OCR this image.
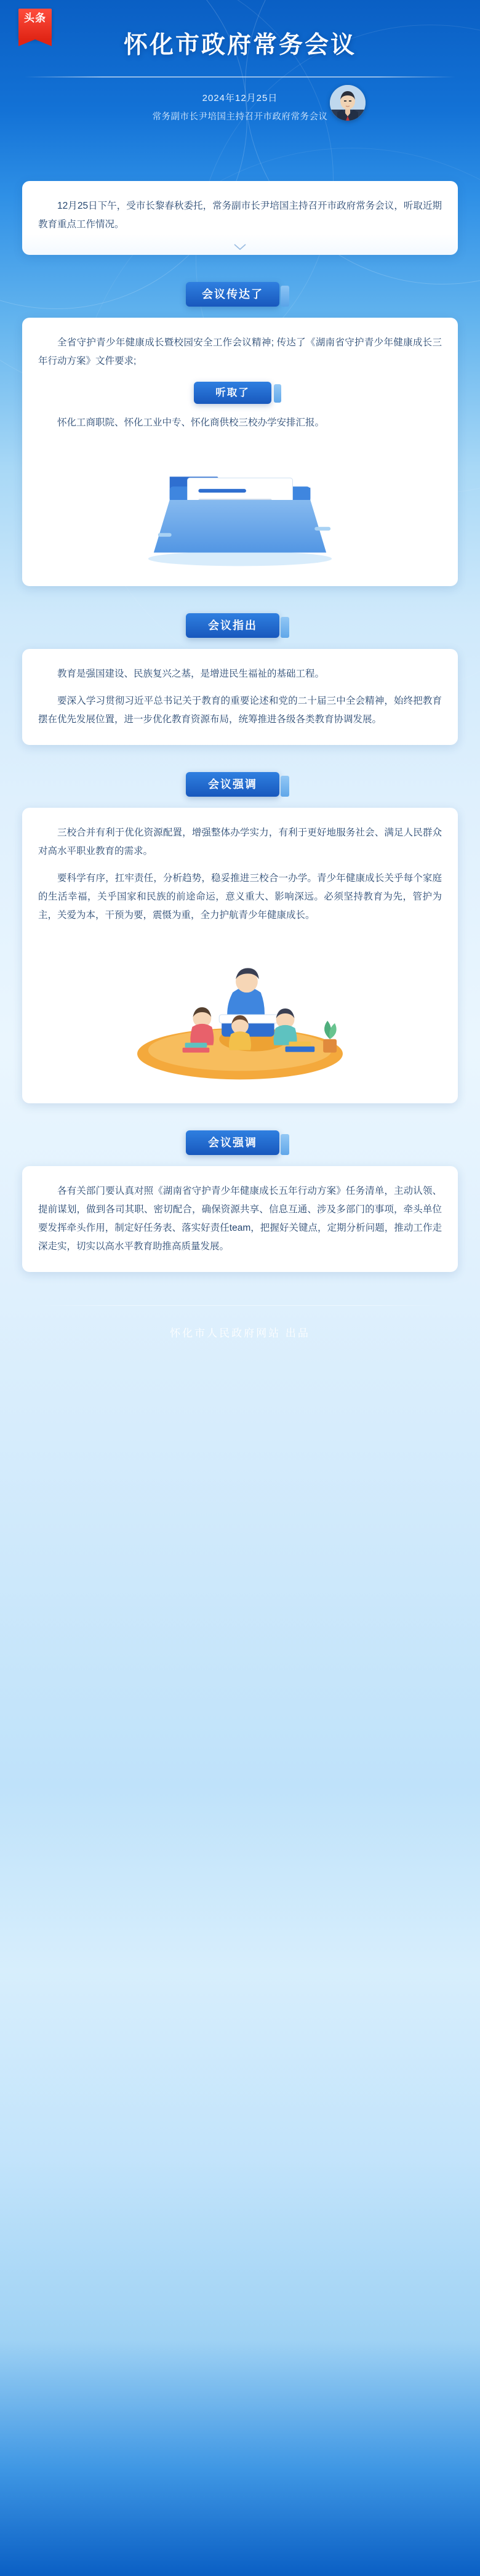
头条
怀化市政府常务会议
2024年12月25日
常务副市长尹培国主持召开市政府常务会议

12月25日下午，受市长黎春秋委托，常务副市长尹培国主持召开市政府常务会议，听取近期教育重点工作情况。

会议传达了

全省守护青少年健康成长暨校园安全工作会议精神; 传达了《湖南省守护青少年健康成长三年行动方案》文件要求;

听取了

怀化工商职院、怀化工业中专、怀化商供校三校办学安排汇报。

会议指出

教育是强国建设、民族复兴之基，是增进民生福祉的基础工程。

要深入学习贯彻习近平总书记关于教育的重要论述和党的二十届三中全会精神，始终把教育摆在优先发展位置，进一步优化教育资源布局，统筹推进各级各类教育协调发展。

会议强调

三校合并有利于优化资源配置，增强整体办学实力，有利于更好地服务社会、满足人民群众对高水平职业教育的需求。

要科学有序，扛牢责任，分析趋势，稳妥推进三校合一办学。青少年健康成长关乎每个家庭的生活幸福，关乎国家和民族的前途命运，意义重大、影响深远。必须坚持教育为先，管护为主，关爱为本，干预为要，震慑为重，全力护航青少年健康成长。

会议强调

各有关部门要认真对照《湖南省守护青少年健康成长五年行动方案》任务清单，主动认领、提前谋划，做到各司其职、密切配合，确保资源共享、信息互通、涉及多部门的事项，牵头单位要发挥牵头作用，制定好任务表、落实好责任team，把握好关键点，定期分析问题，推动工作走深走实，切实以高水平教育助推高质量发展。

怀化市人民政府网站 出品
